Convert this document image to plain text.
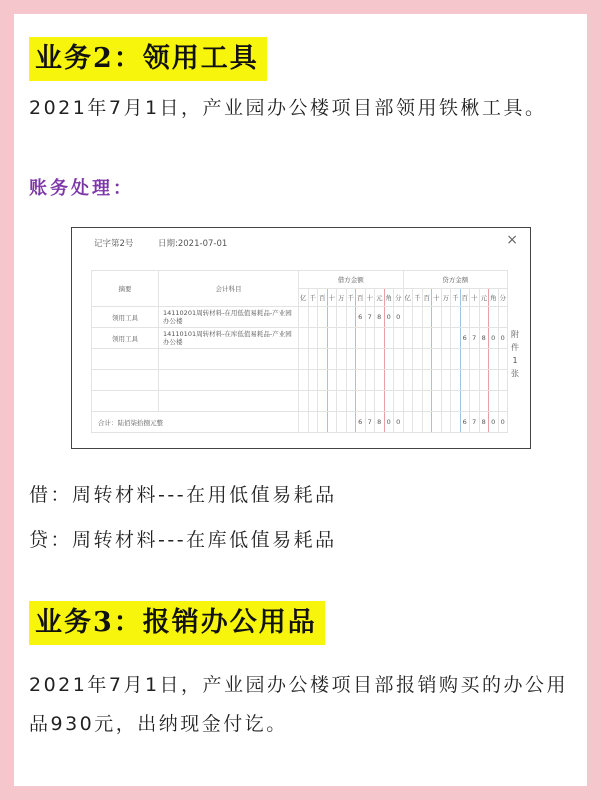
业务2：领用工具
2021年7月1日，产业园办公楼项目部领用铁楸工具。
账务处理：
记字第2号	日期:2021-07-01	×
摘要	会计科目	借方金额											贷方金额										
		亿	千	百	十	万	千	百	十	元	角	分	亿	千	百	十	万	千	百	十	元	角	分
领用工具	14110201周转材料-在用低值易耗品-产业园办公楼							6	7	8	0	0											
领用工具	14110101周转材料-在库低值易耗品-产业园办公楼																		6	7	8	0	0

合计：陆佰柒拾捌元整								6	7	8	0	0							6	7	8	0	0
附
件
1
张
借：周转材料---在用低值易耗品
贷：周转材料---在库低值易耗品
业务3：报销办公用品
2021年7月1日，产业园办公楼项目部报销购买的办公用品930元，出纳现金付讫。
